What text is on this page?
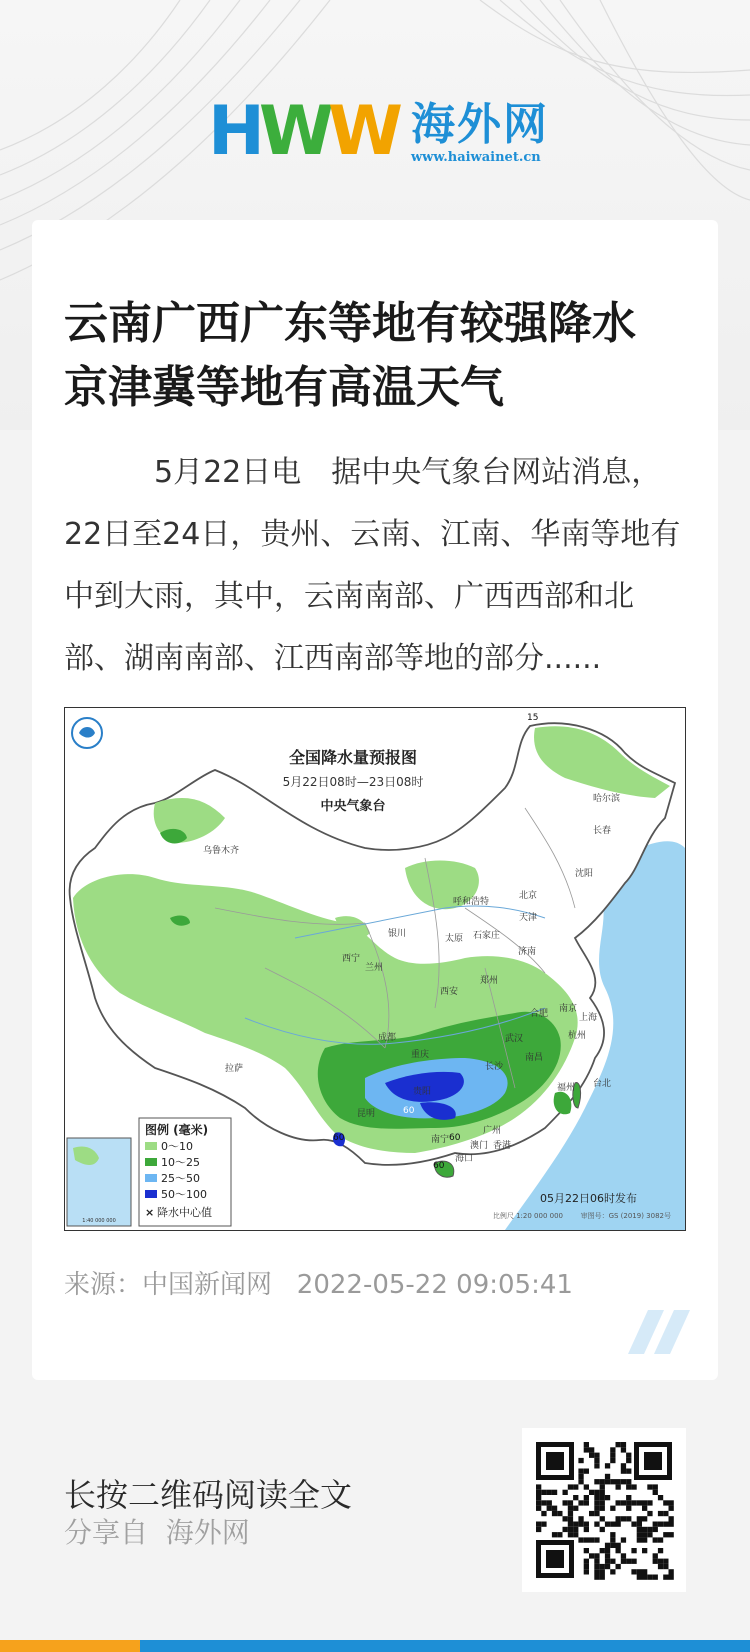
HWW 海外网
www.haiwainet.cn
云南广西广东等地有较强降水 京津冀等地有高温天气

　　　5月22日电　据中央气象台网站消息，22日至24日，贵州、云南、江南、华南等地有中到大雨，其中，云南南部、广西西部和北部、湖南南部、江西南部等地的部分......

全国降水量预报图
5月22日08时—23日08时
中央气象台	哈尔滨
长春
沈阳
乌鲁木齐
北京
天津
呼和浩特
石家庄
太原
银川
西宁
兰州
济南
郑州
西安
合肥 南京
上海
杭州
武汉
成都
重庆
长沙
南昌
拉萨
贵阳
昆明
福州 台北
南宁
广州
澳门 香港
海口
15
60
60	60
60
1:40 000 000
图例 (毫米)
0～10
10～25
25～50
50～100
× 降水中心值
05月22日06时发布
比例尺 1:20 000 000	审图号：GS (2019) 3082号
来源：中国新闻网   2022-05-22 09:05:41
长按二维码阅读全文
分享自  海外网
